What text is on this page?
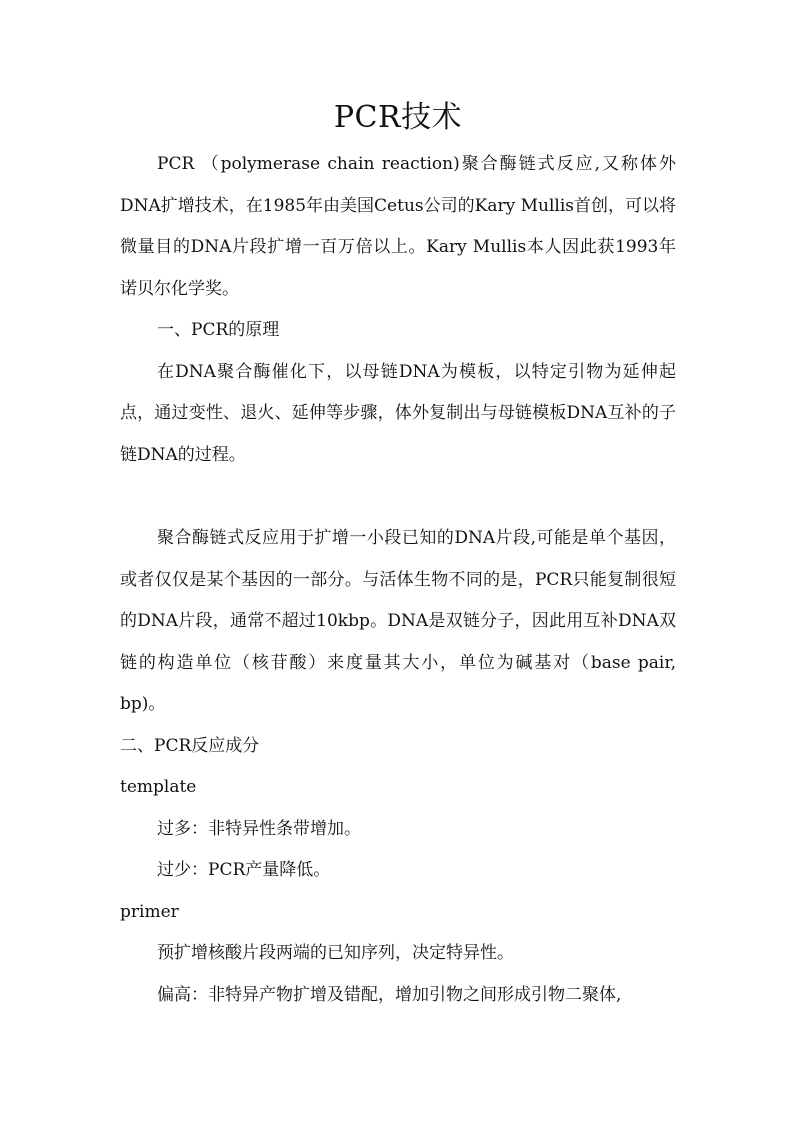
PCR技术

PCR （polymerase chain reaction)聚合酶链式反应,又称体外DNA扩增技术，在1985年由美国Cetus公司的Kary Mullis首创，可以将微量目的DNA片段扩增一百万倍以上。Kary Mullis本人因此获1993年诺贝尔化学奖。

一、PCR的原理

在DNA聚合酶催化下，以母链DNA为模板，以特定引物为延伸起点，通过变性、退火、延伸等步骤，体外复制出与母链模板DNA互补的子链DNA的过程。

聚合酶链式反应用于扩增一小段已知的DNA片段,可能是单个基因，或者仅仅是某个基因的一部分。与活体生物不同的是，PCR只能复制很短的DNA片段，通常不超过10kbp。DNA是双链分子，因此用互补DNA双链的构造单位（核苷酸）来度量其大小，单位为碱基对（base pair, bp)。

二、PCR反应成分

template

过多：非特异性条带增加。

过少：PCR产量降低。

primer

预扩增核酸片段两端的已知序列，决定特异性。

偏高：非特异产物扩增及错配，增加引物之间形成引物二聚体,
